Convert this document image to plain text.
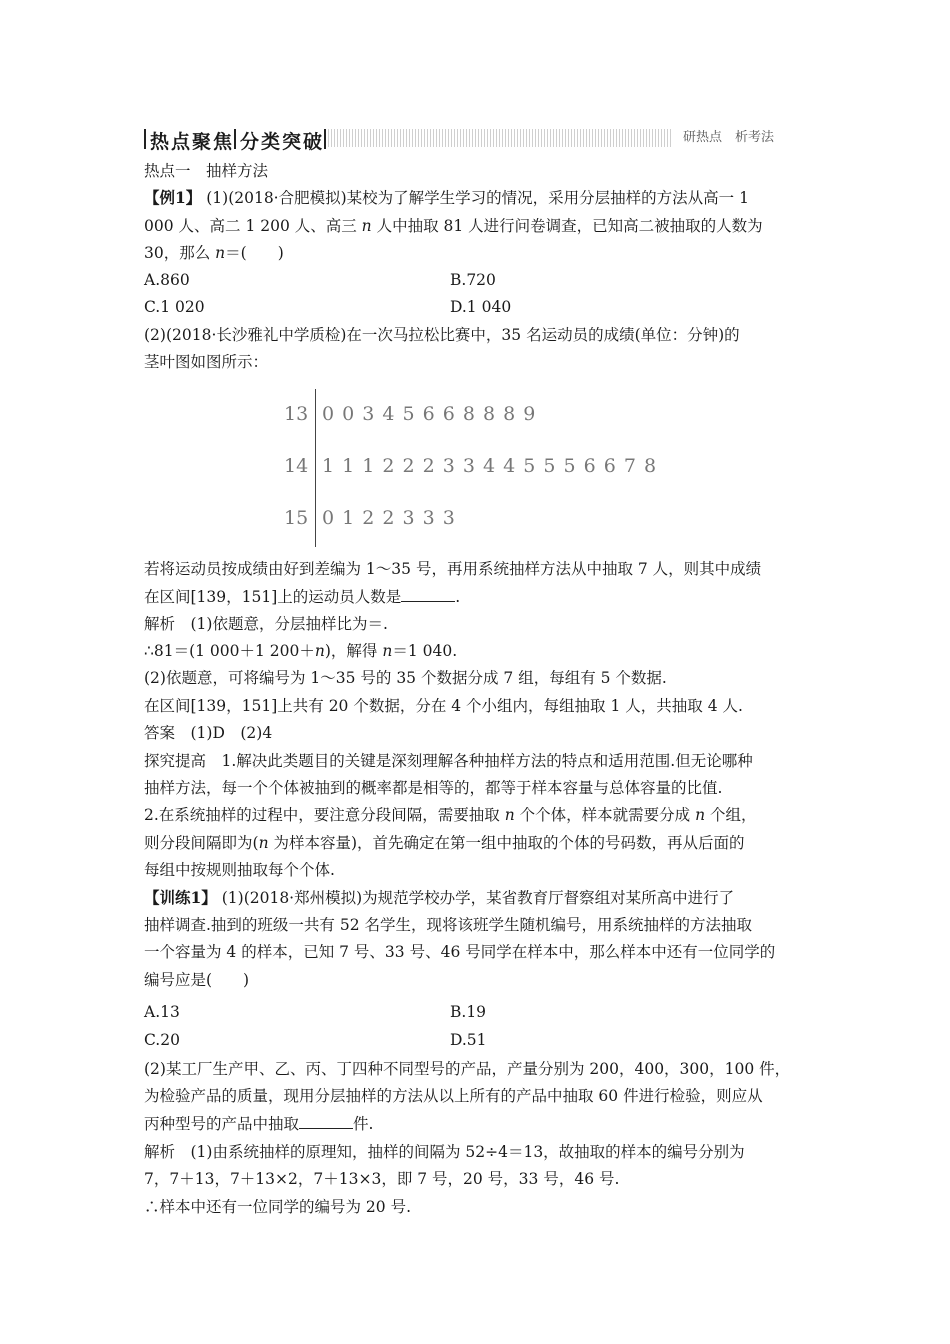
热点聚焦 分类突破	研热点　析考法
热点一　抽样方法
【例1】 (1)(2018·合肥模拟)某校为了解学生学习的情况，采用分层抽样的方法从高一 1
000 人、高二 1 200 人、高三 n 人中抽取 81 人进行问卷调查，已知高二被抽取的人数为
30，那么 n＝(　　)
A.860	B.720
C.1 020	D.1 040
(2)(2018·长沙雅礼中学质检)在一次马拉松比赛中，35 名运动员的成绩(单位：分钟)的
茎叶图如图所示：
13 0 0 3 4 5 6 6 8 8 8 9
14 1 1 1 2 2 2 3 3 4 4 5 5 5 6 6 7 8
15 0 1 2 2 3 3 3
若将运动员按成绩由好到差编为 1～35 号，再用系统抽样方法从中抽取 7 人，则其中成绩
在区间[139，151]上的运动员人数是	.
解析　(1)依题意，分层抽样比为＝.
∴81＝(1 000＋1 200＋n)，解得 n＝1 040.
(2)依题意，可将编号为 1～35 号的 35 个数据分成 7 组，每组有 5 个数据.
在区间[139，151]上共有 20 个数据，分在 4 个小组内，每组抽取 1 人，共抽取 4 人.
答案　(1)D　(2)4
探究提高　1.解决此类题目的关键是深刻理解各种抽样方法的特点和适用范围.但无论哪种
抽样方法，每一个个体被抽到的概率都是相等的，都等于样本容量与总体容量的比值.
2.在系统抽样的过程中，要注意分段间隔，需要抽取 n 个个体，样本就需要分成 n 个组，
则分段间隔即为(n 为样本容量)，首先确定在第一组中抽取的个体的号码数，再从后面的
每组中按规则抽取每个个体.
【训练1】 (1)(2018·郑州模拟)为规范学校办学，某省教育厅督察组对某所高中进行了
抽样调查.抽到的班级一共有 52 名学生，现将该班学生随机编号，用系统抽样的方法抽取
一个容量为 4 的样本，已知 7 号、33 号、46 号同学在样本中，那么样本中还有一位同学的
编号应是(　　)
A.13	B.19
C.20	D.51
(2)某工厂生产甲、乙、丙、丁四种不同型号的产品，产量分别为 200，400，300，100 件，
为检验产品的质量，现用分层抽样的方法从以上所有的产品中抽取 60 件进行检验，则应从
丙种型号的产品中抽取	件.
解析　(1)由系统抽样的原理知，抽样的间隔为 52÷4＝13，故抽取的样本的编号分别为
7，7＋13，7＋13×2，7＋13×3，即 7 号，20 号，33 号，46 号.
∴样本中还有一位同学的编号为 20 号.
